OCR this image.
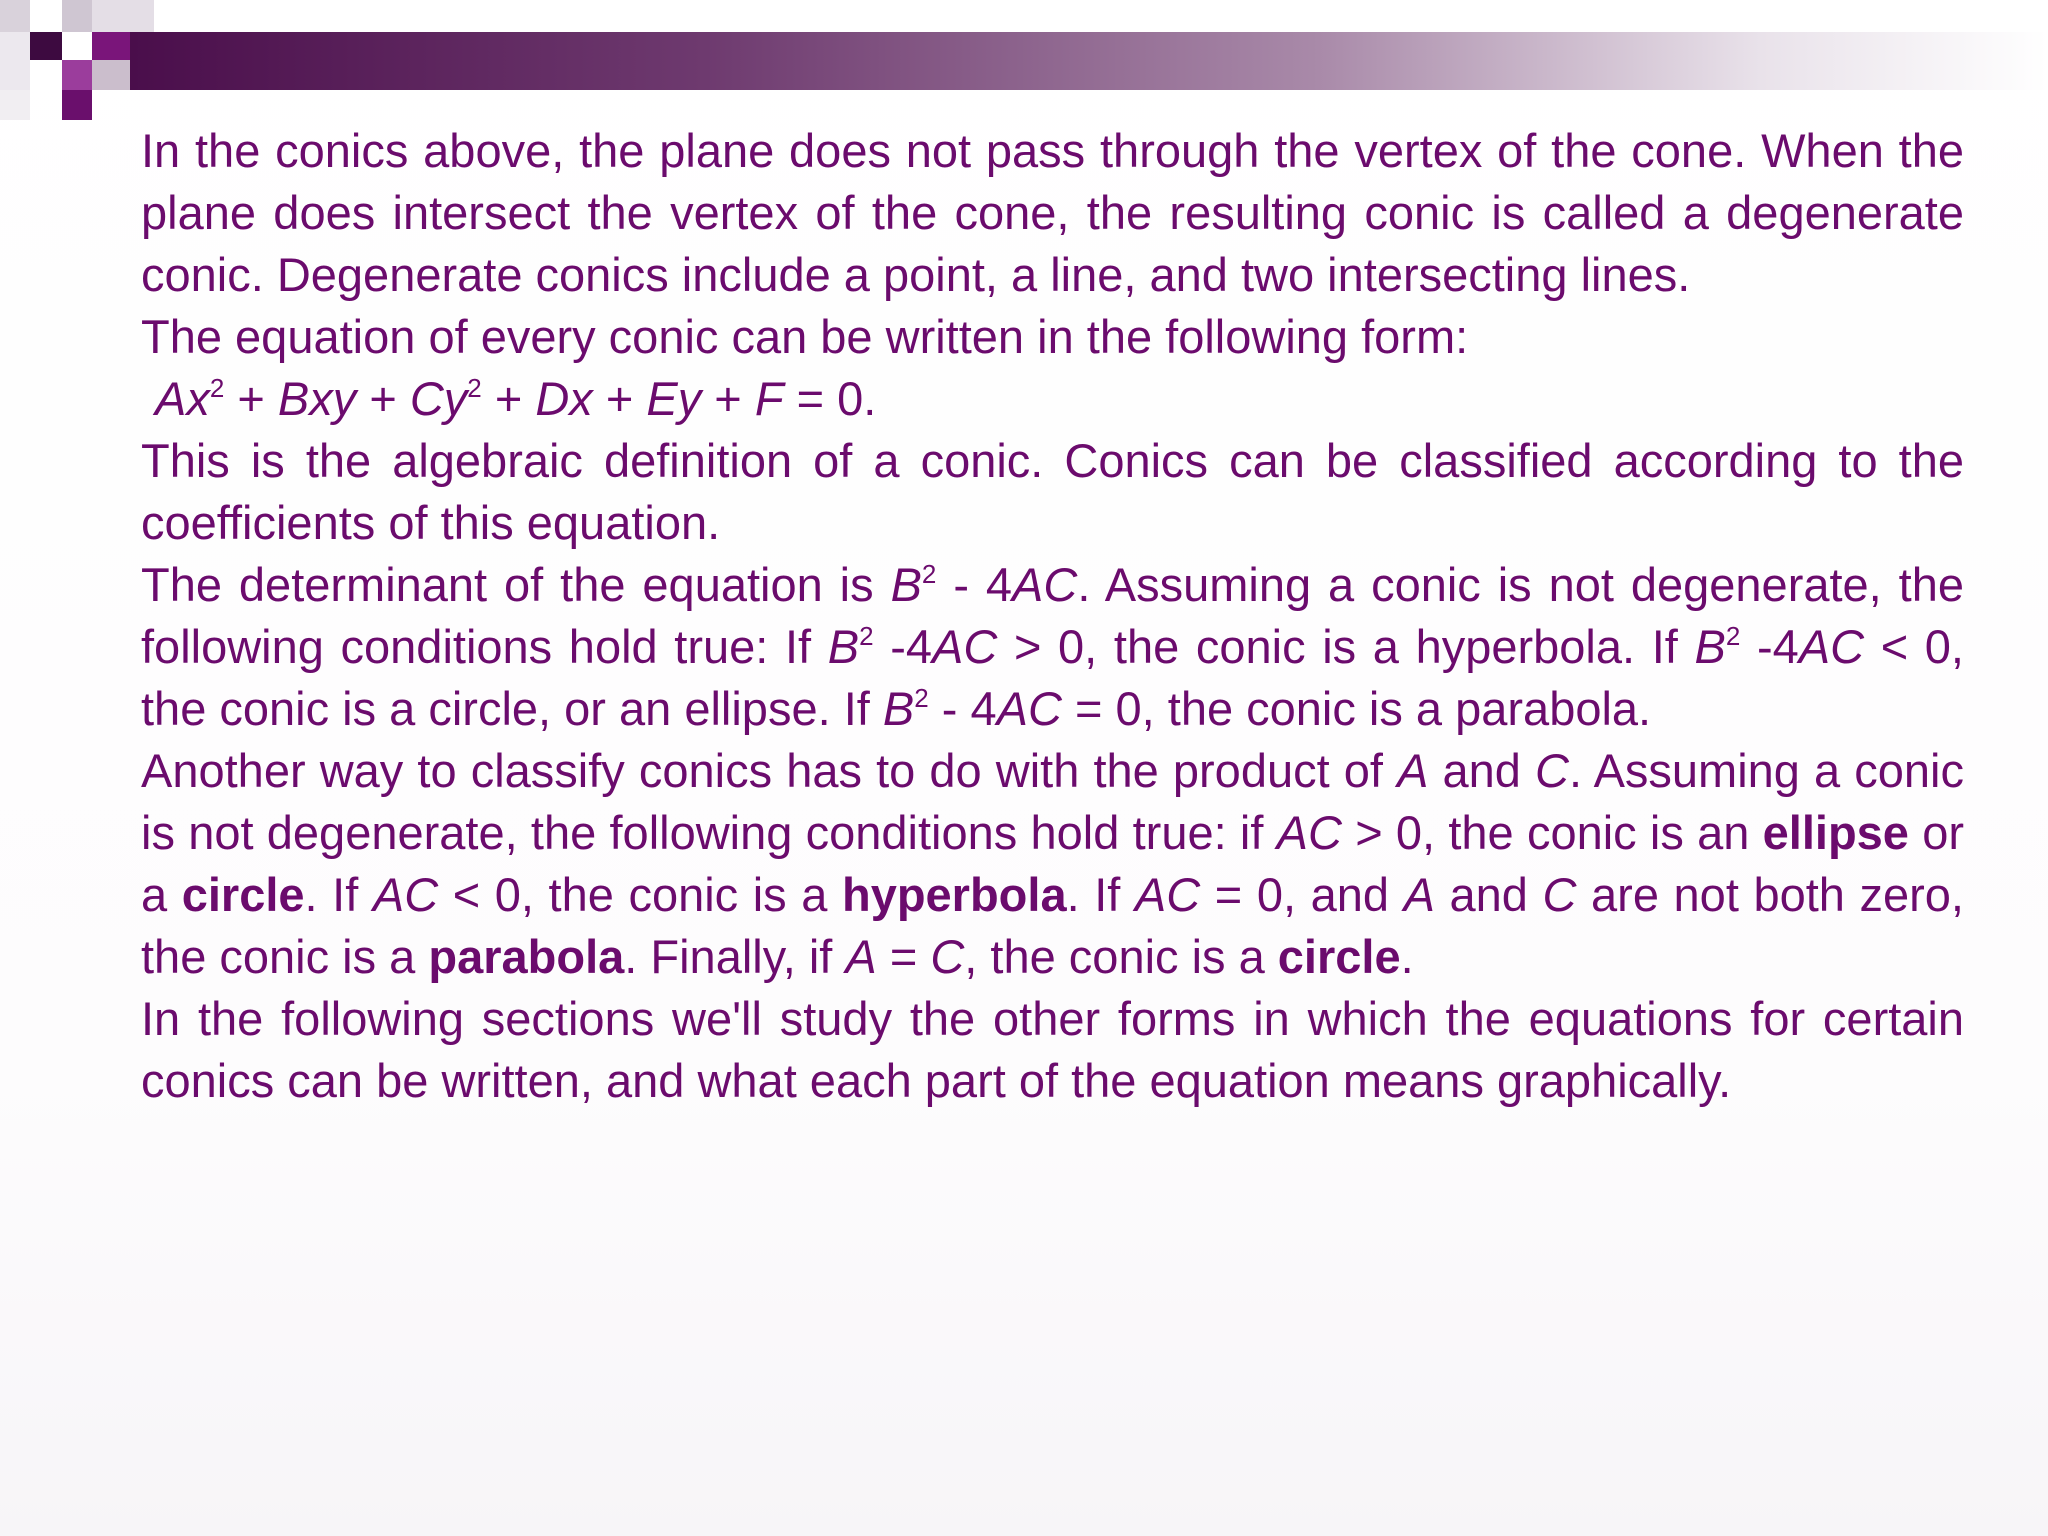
In the conics above, the plane does not pass through the vertex of the cone. When the plane does intersect the vertex of the cone, the resulting conic is called a degenerate conic. Degenerate conics include a point, a line, and two intersecting lines.

The equation of every conic can be written in the following form:

$Ax^2$ + Bxy + $Cy^2 + Dx + Ey + F = 0$.

This is the algebraic definition of a conic. Conics can be classified according to the coefficients of this equation.

The determinant of the equation is $B^2 - 4AC$. Assuming a conic is not degenerate, the following conditions hold true: If $B^2$ -4AC > 0, the conic is a hyperbola. If $B^2$ -4AC < 0, the conic is a circle, or an ellipse. If $B^2 - 4AC = 0$, the conic is a parabola.

Another way to classify conics has to do with the product of A and C. Assuming a conic is not degenerate, the following conditions hold true: if AC > 0, the conic is an ellipse or a circle. If AC < 0, the conic is a hyperbola. If AC = 0, and A and C are not both zero, the conic is a parabola. Finally, if A = C, the conic is a circle.

In the following sections we'll study the other forms in which the equations for certain conics can be written, and what each part of the equation means graphically.
